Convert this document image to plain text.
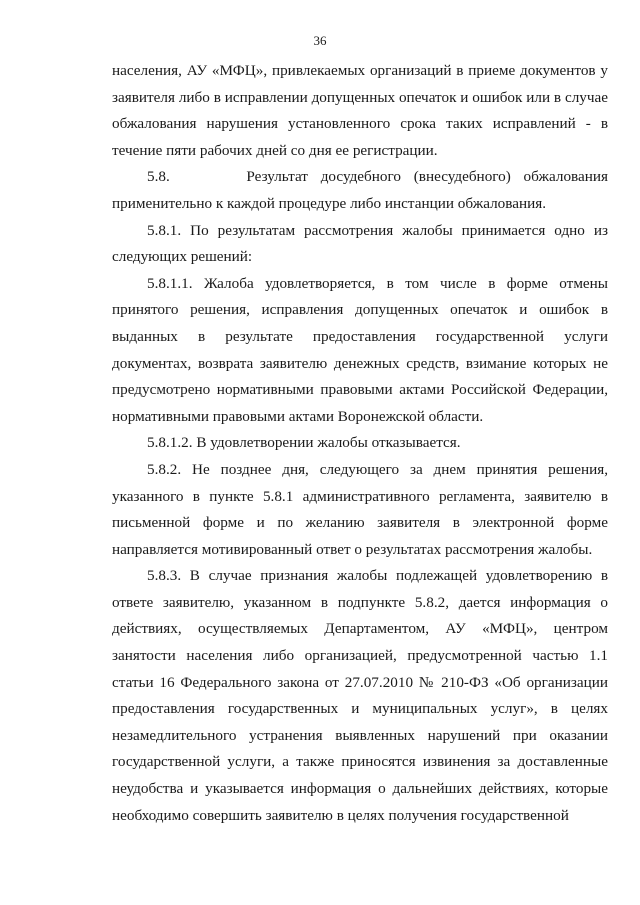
36

населения, АУ «МФЦ», привлекаемых организаций в приеме документов у заявителя либо в исправлении допущенных опечаток и ошибок или в случае обжалования нарушения установленного срока таких исправлений - в течение пяти рабочих дней со дня ее регистрации.

5.8.      Результат досудебного (внесудебного) обжалования применительно к каждой процедуре либо инстанции обжалования.

5.8.1. По результатам рассмотрения жалобы принимается одно из следующих решений:

5.8.1.1. Жалоба удовлетворяется, в том числе в форме отмены принятого решения, исправления допущенных опечаток и ошибок в выданных в результате предоставления государственной услуги документах, возврата заявителю денежных средств, взимание которых не предусмотрено нормативными правовыми актами Российской Федерации, нормативными правовыми актами Воронежской области.

5.8.1.2. В удовлетворении жалобы отказывается.

5.8.2. Не позднее дня, следующего за днем принятия решения, указанного в пункте 5.8.1 административного регламента, заявителю в письменной форме и по желанию заявителя в электронной форме направляется мотивированный ответ о результатах рассмотрения жалобы.

5.8.3. В случае признания жалобы подлежащей удовлетворению в ответе заявителю, указанном в подпункте 5.8.2, дается информация о действиях, осуществляемых Департаментом, АУ «МФЦ», центром занятости населения либо организацией, предусмотренной частью 1.1 статьи 16 Федерального закона от 27.07.2010 № 210-ФЗ «Об организации предоставления государственных и муниципальных услуг», в целях незамедлительного устранения выявленных нарушений при оказании государственной услуги, а также приносятся извинения за доставленные неудобства и указывается информация о дальнейших действиях, которые необходимо совершить заявителю в целях получения государственной
